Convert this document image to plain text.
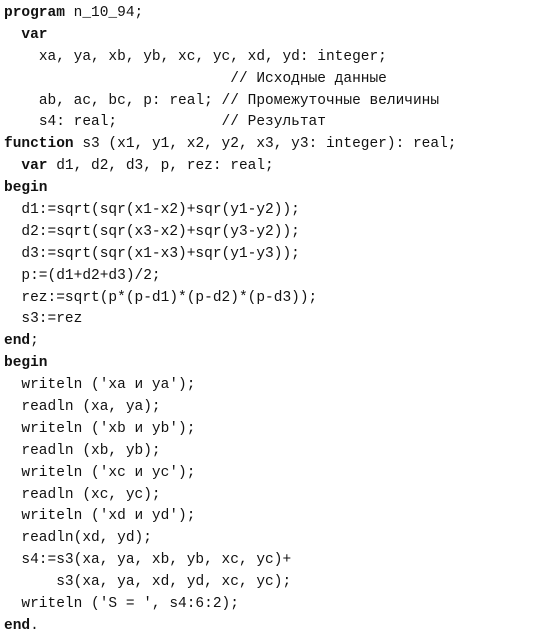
program n_10_94;
var
xa, ya, xb, yb, xc, yc, xd, yd: integer;
// Исходные данные
ab, ac, bc, p: real; // Промежуточные величины
s4: real;            // Результат
function s3 (x1, y1, x2, y2, x3, y3: integer): real;
var d1, d2, d3, p, rez: real;
begin
d1:=sqrt(sqr(x1-x2)+sqr(y1-y2));
d2:=sqrt(sqr(x3-x2)+sqr(y3-y2));
d3:=sqrt(sqr(x1-x3)+sqr(y1-y3));
p:=(d1+d2+d3)/2;
rez:=sqrt(p*(p-d1)*(p-d2)*(p-d3));
s3:=rez
end;
begin
writeln ('xa и ya');
readln (xa, ya);
writeln ('xb и yb');
readln (xb, yb);
writeln ('xc и yc');
readln (xc, yc);
writeln ('xd и yd');
readln(xd, yd);
s4:=s3(xa, ya, xb, yb, xc, yc)+
s3(xa, ya, xd, yd, xc, yc);
writeln ('S = ', s4:6:2);
end.
